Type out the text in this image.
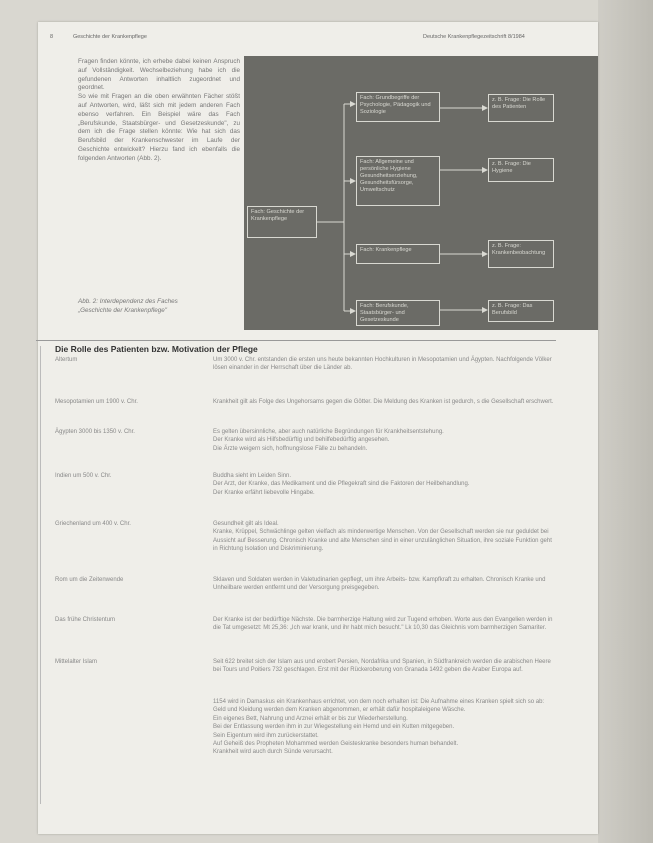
8	Geschichte der Krankenpflege	Deutsche Krankenpflegezeitschrift 8/1984

Fragen finden könnte, ich erhebe dabei keinen Anspruch auf Vollständigkeit. Wechselbeziehung habe ich die gefundenen Antworten inhaltlich zugeordnet und geordnet.

So wie mit Fragen an die oben erwähnten Fächer stößt auf Antworten, wird, läßt sich mit jedem anderen Fach ebenso verfahren. Ein Beispiel wäre das Fach „Berufskunde, Staatsbürger- und Gesetzeskunde", zu dem ich die Frage stellen könnte: Wie hat sich das Berufsbild der Krankenschwester im Laufe der Geschichte entwickelt? Hierzu fand ich ebenfalls die folgenden Antworten (Abb. 2).

Fach: Geschichte der Krankenpflege
Fach: Grundbegriffe der Psychologie, Pädagogik und Soziologie
Fach: Allgemeine und persönliche Hygiene Gesundheitserziehung, Gesundheitsfürsorge, Umweltschutz
Fach: Krankenpflege
Fach: Berufskunde, Staatsbürger- und Gesetzeskunde
z. B. Frage: Die Rolle des Patienten
z. B. Frage: Die Hygiene
z. B. Frage: Krankenbeobachtung
z. B. Frage: Das Berufsbild
Abb. 2: Interdependenz des Faches
„Geschichte der Krankenpflege"
Die Rolle des Patienten bzw. Motivation der Pflege
Altertum	Um 3000 v. Chr. entstanden die ersten uns heute bekannten Hochkulturen in Mesopotamien und Ägypten. Nachfolgende Völker lösen einander in der Herrschaft über die Länder ab.
Mesopotamien um 1900 v. Chr.	Krankheit gilt als Folge des Ungehorsams gegen die Götter. Die Meldung des Kranken ist gedurch, s die Gesellschaft erschwert.
Ägypten 3000 bis 1350 v. Chr.	Es gelten übersinnliche, aber auch natürliche Begründungen für Krankheitsentstehung.
Der Kranke wird als Hilfsbedürftig und behilfebedürftig angesehen.
Die Ärzte weigern sich, hoffnungslose Fälle zu behandeln.
Indien um 500 v. Chr.	Buddha sieht im Leiden Sinn.
Der Arzt, der Kranke, das Medikament und die Pflegekraft sind die Faktoren der Heilbehandlung.
Der Kranke erfährt liebevolle Hingabe.
Griechenland um 400 v. Chr.	Gesundheit gilt als Ideal.
Kranke, Krüppel, Schwächlinge gelten vielfach als minderwertige Menschen. Von der Gesellschaft werden sie nur geduldet bei Aussicht auf Besserung. Chronisch Kranke und alte Menschen sind in einer unzulänglichen Situation, ihre soziale Funktion geht in Richtung Isolation und Diskriminierung.
Rom um die Zeitenwende	Sklaven und Soldaten werden in Valetudinarien gepflegt, um ihre Arbeits- bzw. Kampfkraft zu erhalten. Chronisch Kranke und Unheilbare werden entfernt und der Versorgung preisgegeben.
Das frühe Christentum	Der Kranke ist der bedürftige Nächste. Die barmherzige Haltung wird zur Tugend erhoben. Worte aus den Evangelien werden in die Tat umgesetzt: Mt 25,36: „Ich war krank, und ihr habt mich besucht." Lk 10,30 das Gleichnis vom barmherzigen Samariter.
Mittelalter Islam	Seit 622 breitet sich der Islam aus und erobert Persien, Nordafrika und Spanien, in Südfrankreich werden die arabischen Heere bei Tours und Poitiers 732 geschlagen. Erst mit der Rückeroberung von Granada 1492 geben die Araber Europa auf.
1154 wird in Damaskus ein Krankenhaus errichtet, von dem noch erhalten ist: Die Aufnahme eines Kranken spielt sich so ab: Geld und Kleidung werden dem Kranken abgenommen, er erhält dafür hospitaleigene Wäsche.
Ein eigenes Bett, Nahrung und Arznei erhält er bis zur Wiederherstellung.
Bei der Entlassung werden ihm in zur Wiegestellung ein Hemd und ein Kutten mitgegeben.
Sein Eigentum wird ihm zurückerstattet.
Auf Geheiß des Propheten Mohammed werden Geisteskranke besonders human behandelt.
Krankheit wird auch durch Sünde verursacht.
